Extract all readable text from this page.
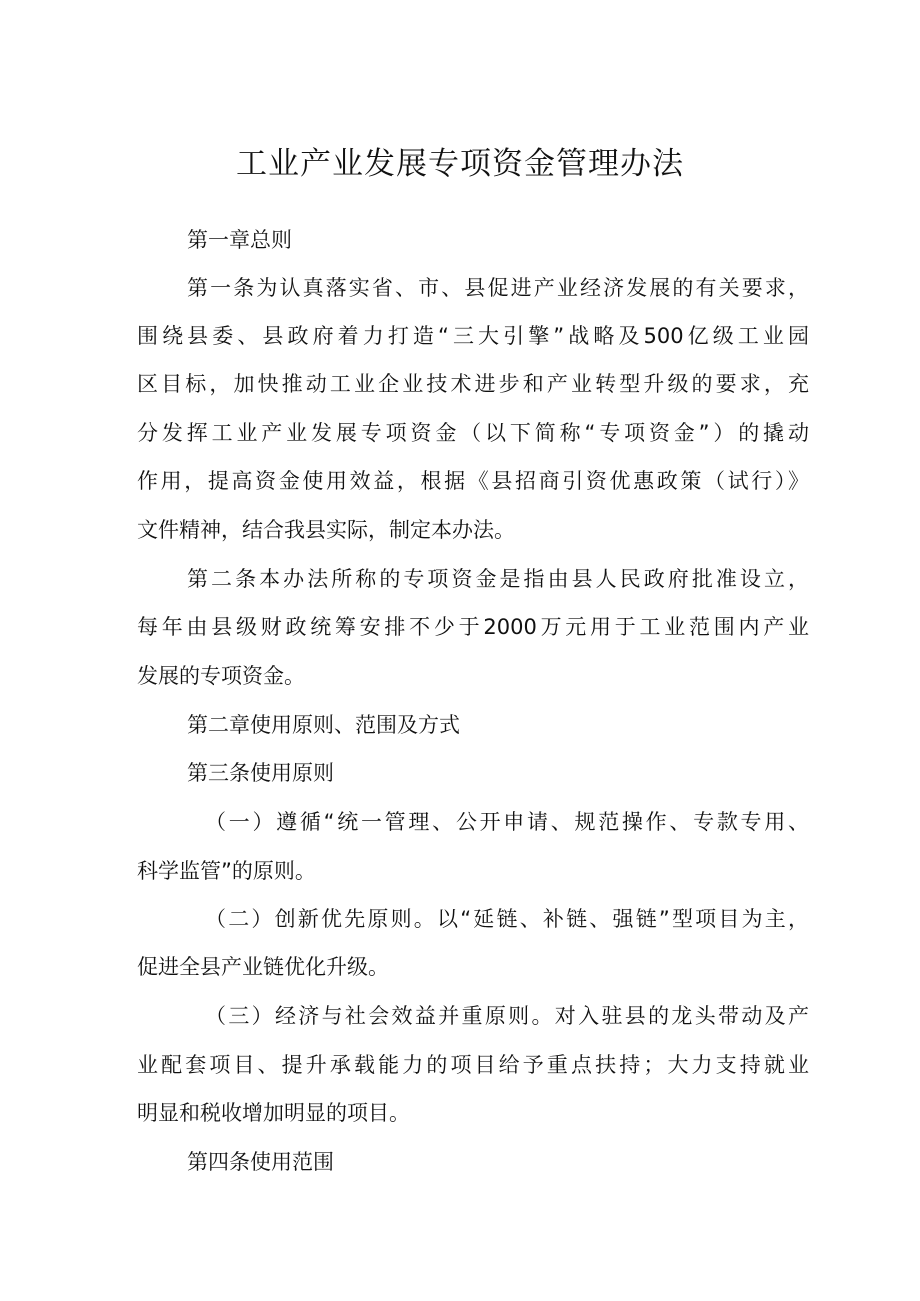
工业产业发展专项资金管理办法

第一章总则

第一条为认真落实省、市、县促进产业经济发展的有关要求，

围绕县委、县政府着力打造“三大引擎”战略及500亿级工业园

区目标，加快推动工业企业技术进步和产业转型升级的要求，充

分发挥工业产业发展专项资金（以下简称“专项资金”）的撬动

作用，提高资金使用效益，根据《县招商引资优惠政策（试行）》

文件精神，结合我县实际，制定本办法。

第二条本办法所称的专项资金是指由县人民政府批准设立，

每年由县级财政统筹安排不少于2000万元用于工业范围内产业

发展的专项资金。

第二章使用原则、范围及方式

第三条使用原则

（一）遵循“统一管理、公开申请、规范操作、专款专用、

科学监管”的原则。

（二）创新优先原则。以“延链、补链、强链”型项目为主，

促进全县产业链优化升级。

（三）经济与社会效益并重原则。对入驻县的龙头带动及产

业配套项目、提升承载能力的项目给予重点扶持；大力支持就业

明显和税收增加明显的项目。

第四条使用范围
